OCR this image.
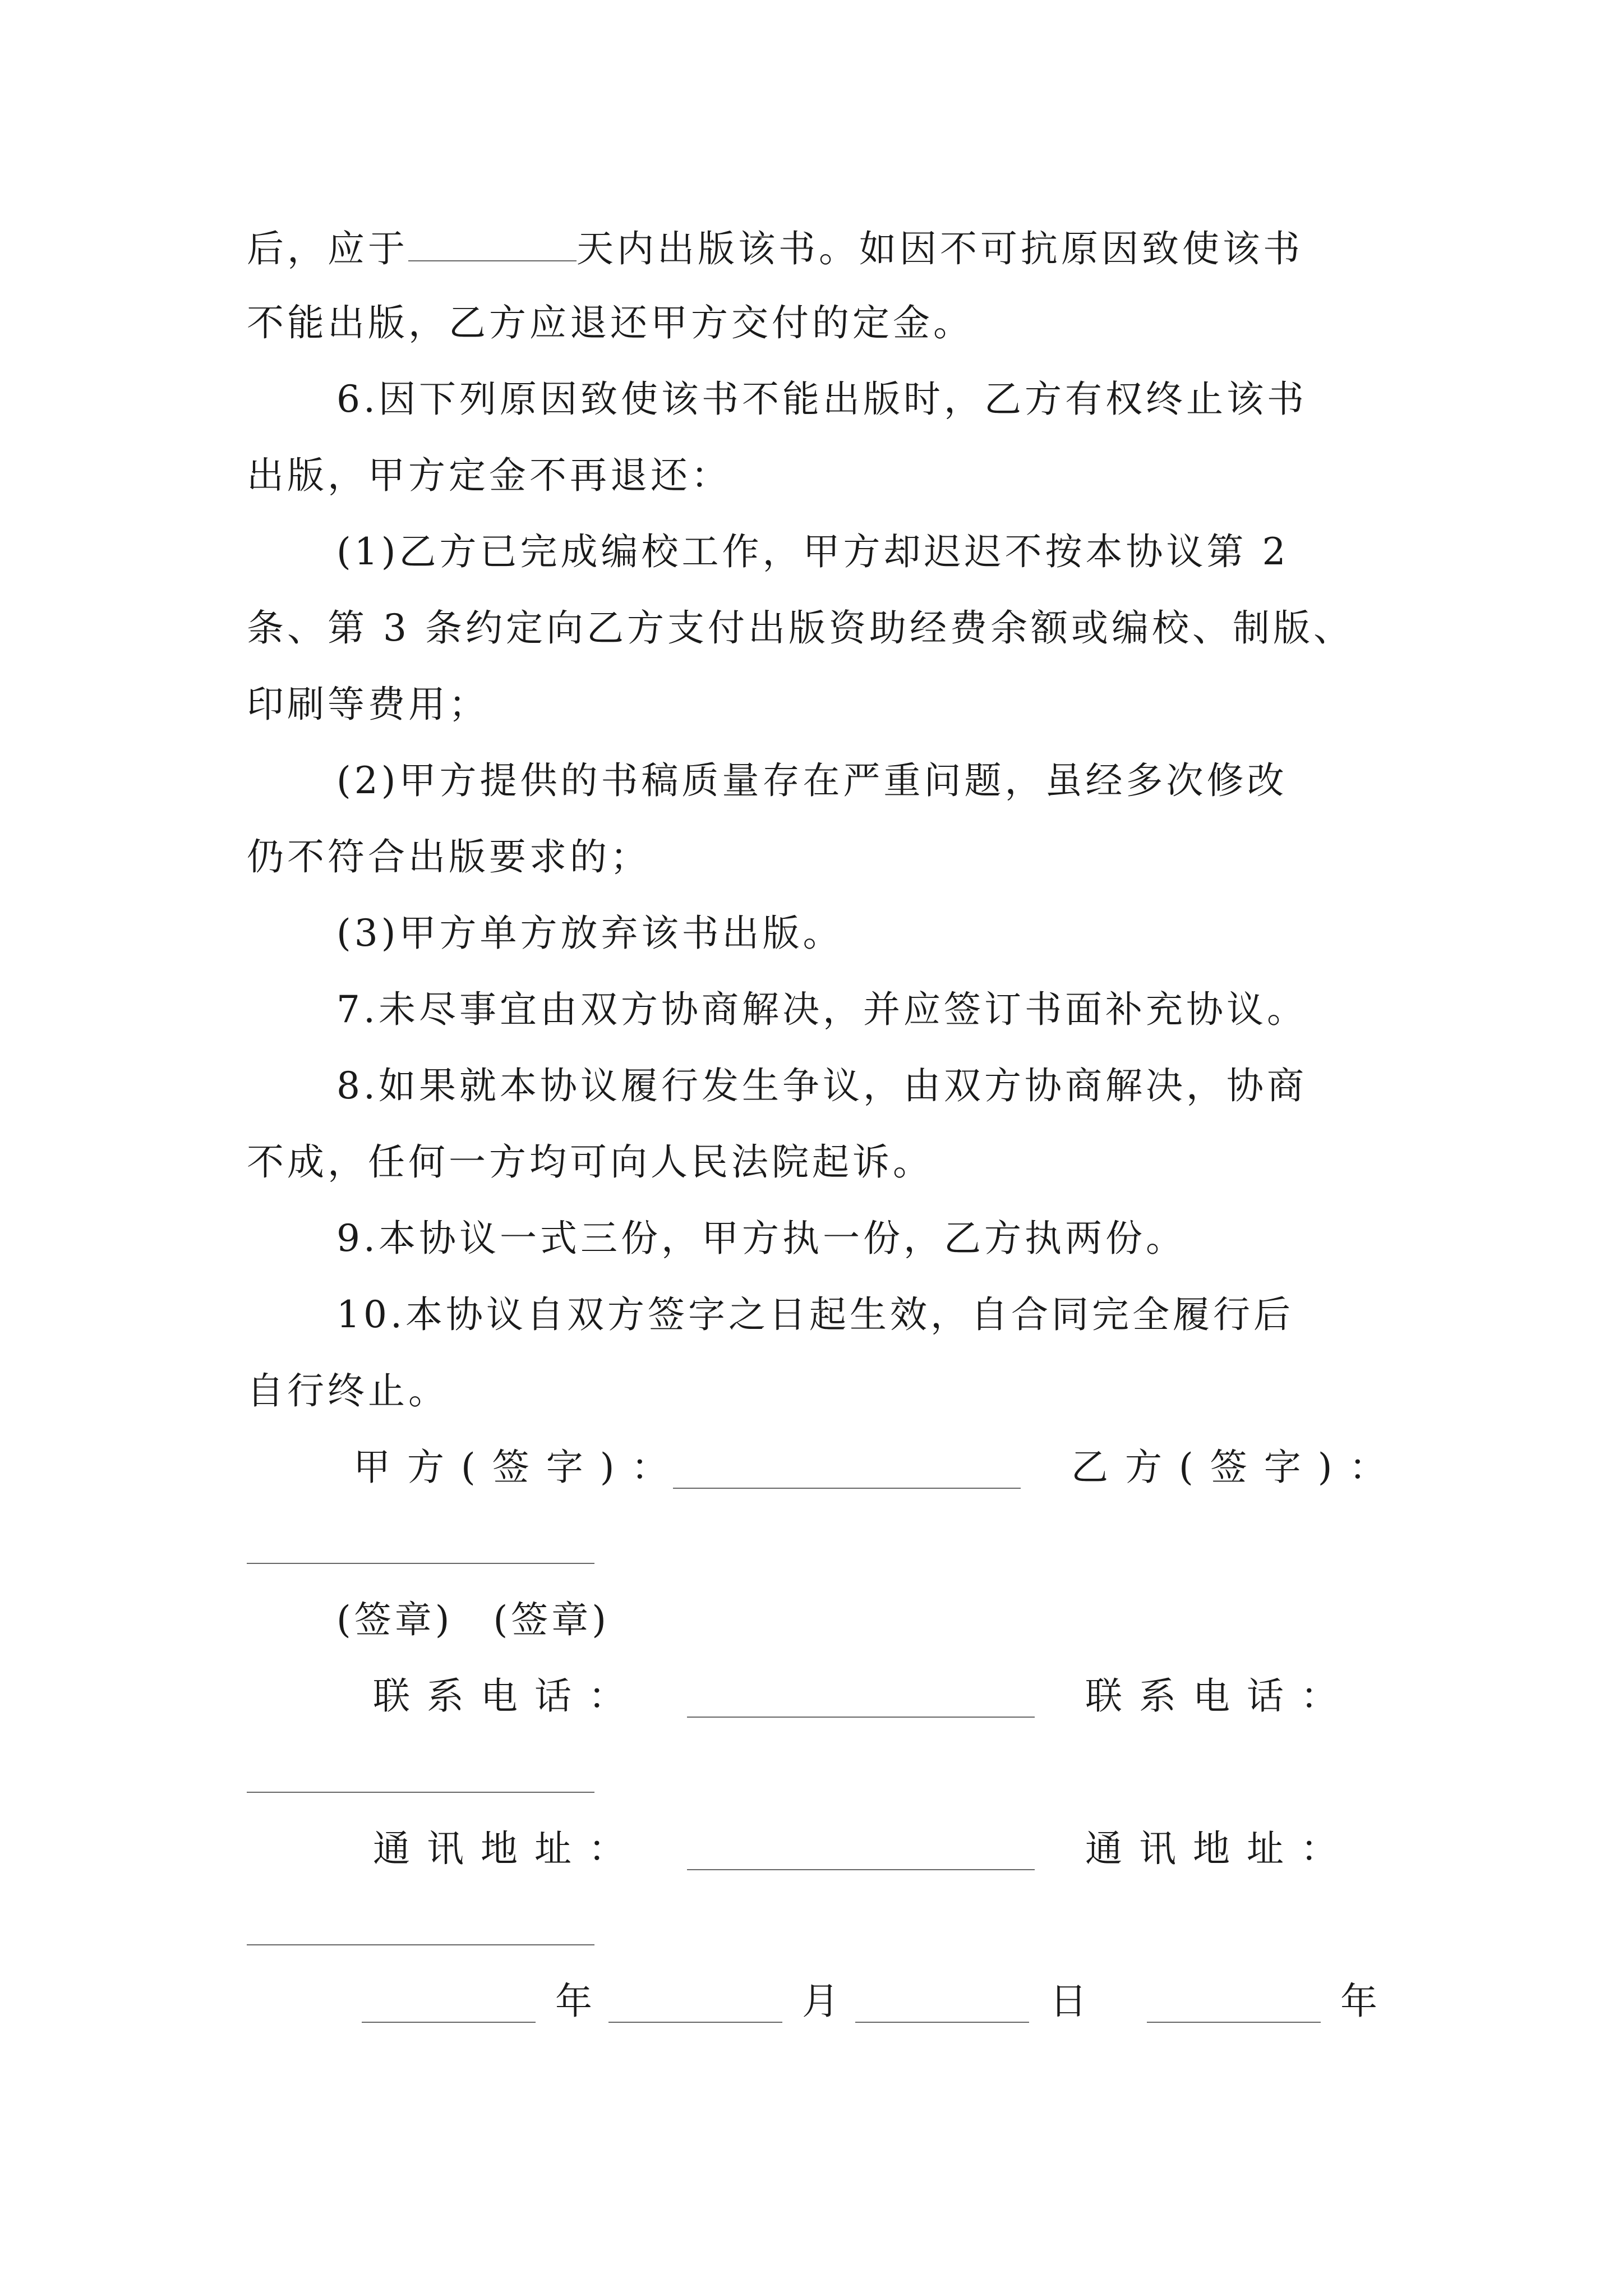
后，应于	天内出版该书。如因不可抗原因致使该书
不能出版，乙方应退还甲方交付的定金。
6.因下列原因致使该书不能出版时，乙方有权终止该书
出版，甲方定金不再退还：
(1)乙方已完成编校工作，甲方却迟迟不按本协议第 2
条、第 3 条约定向乙方支付出版资助经费余额或编校、制版、
印刷等费用；
(2)甲方提供的书稿质量存在严重问题，虽经多次修改
仍不符合出版要求的；
(3)甲方单方放弃该书出版。
7.未尽事宜由双方协商解决，并应签订书面补充协议。
8.如果就本协议履行发生争议，由双方协商解决，协商
不成，任何一方均可向人民法院起诉。
9.本协议一式三份，甲方执一份，乙方执两份。
10.本协议自双方签字之日起生效，自合同完全履行后
自行终止。
甲方(签字)：	乙方(签字)：
(签章)　(签章)
联系电话：	联系电话：
通讯地址：	通讯地址：
年	月	日	年
